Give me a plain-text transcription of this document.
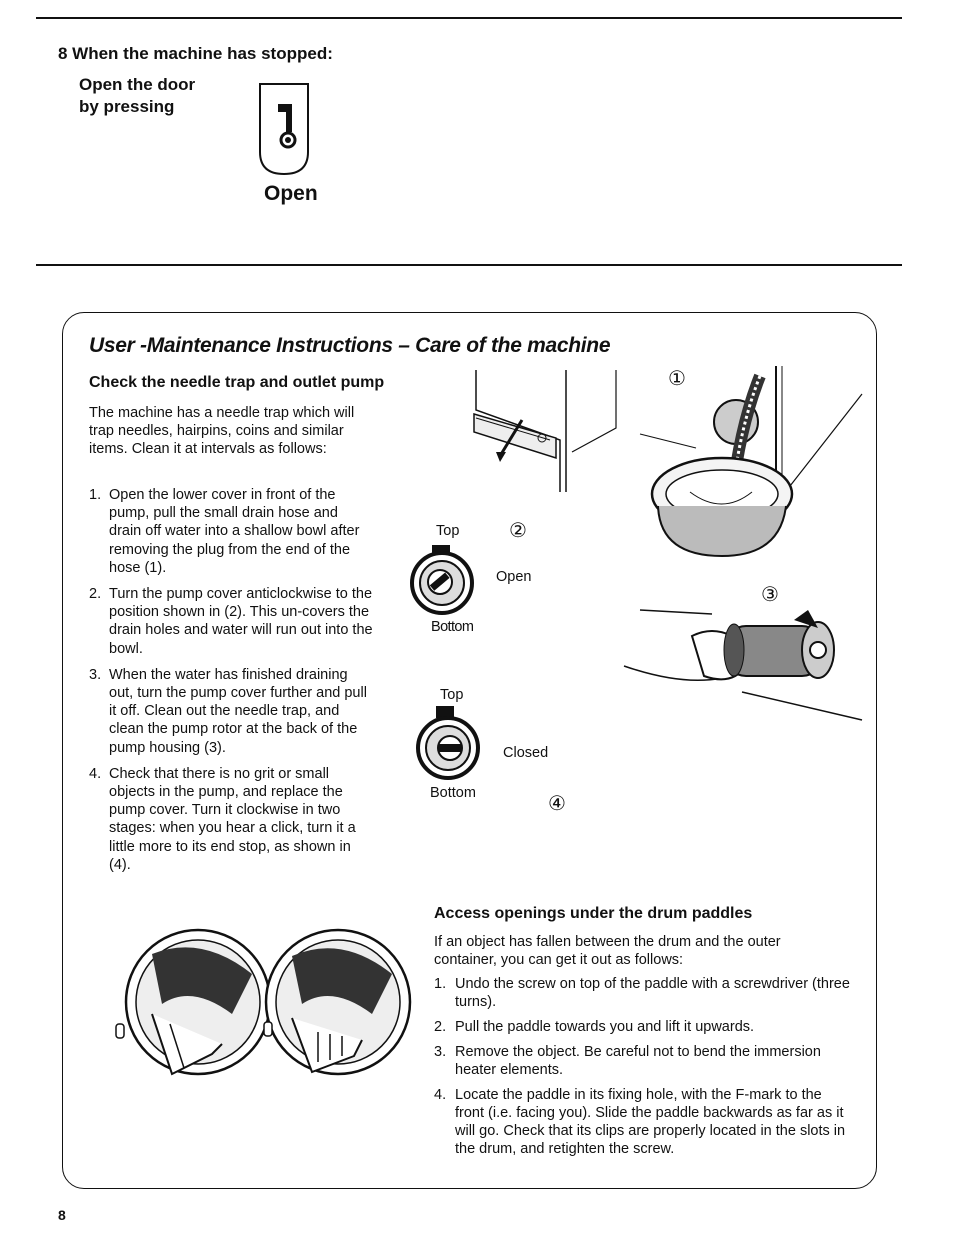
8 When the machine has stopped:
Open the door
by pressing
Open
User -Maintenance Instructions – Care of the machine
Check the needle trap and outlet pump
The machine has a needle trap which will trap needles, hairpins, coins and similar items. Clean it at intervals as follows:
1. Open the lower cover in front of the pump, pull the small drain hose and drain off water into a shallow bowl after removing the plug from the end of the hose (1).
2. Turn the pump cover anticlockwise to the position shown in (2). This un-covers the drain holes and water will run out into the bowl.
3. When the water has finished draining out, turn the pump cover further and pull it off. Clean out the needle trap, and clean the pump rotor at the back of the pump housing (3).
4. Check that there is no grit or small objects in the pump, and replace the pump cover. Turn it clockwise in two stages: when you hear a click, turn it a little more to its end stop, as shown in (4).
①
Top ②
Open
Bottom
③
Top
Closed
Bottom	④
Access openings under the drum paddles
If an object has fallen between the drum and the outer container, you can get it out as follows:
1. Undo the screw on top of the paddle with a screwdriver (three turns).
2. Pull the paddle towards you and lift it upwards.
3. Remove the object. Be careful not to bend the immersion heater elements.
4. Locate the paddle in its fixing hole, with the F-mark to the front (i.e. facing you). Slide the paddle backwards as far as it will go. Check that its clips are properly located in the slots in the drum, and retighten the screw.
8
